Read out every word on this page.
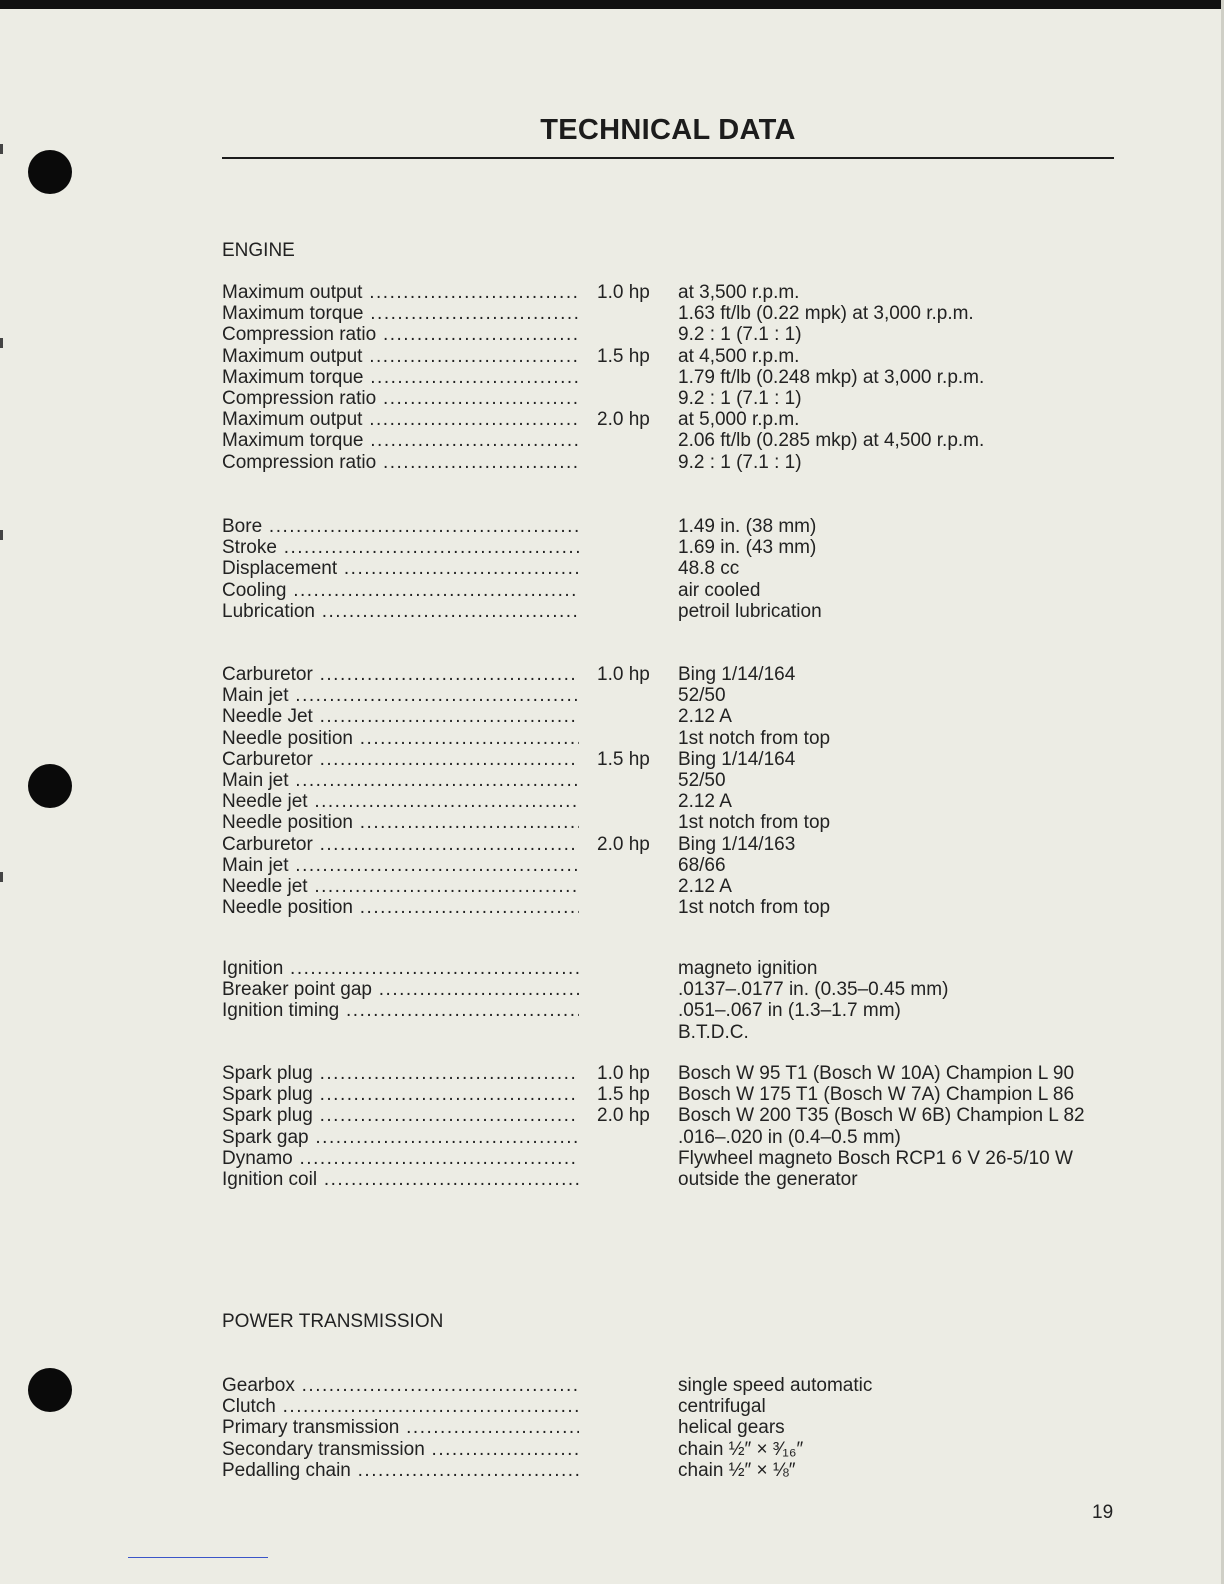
TECHNICAL DATA
ENGINE
Maximum output .....	1.0 hp at 3,500 r.p.m.
Maximum torque .....	1.63 ft/lb (0.22 mpk) at 3,000 r.p.m.
Compression ratio .....	9.2 : 1 (7.1 : 1)
Maximum output .....	1.5 hp at 4,500 r.p.m.
Maximum torque .....	1.79 ft/lb (0.248 mkp) at 3,000 r.p.m.
Compression ratio .....	9.2 : 1 (7.1 : 1)
Maximum output .....	2.0 hp at 5,000 r.p.m.
Maximum torque .....	2.06 ft/lb (0.285 mkp) at 4,500 r.p.m.
Compression ratio .....	9.2 : 1 (7.1 : 1)
Bore .....	1.49 in. (38 mm)
Stroke .....	1.69 in. (43 mm)
Displacement .....	48.8 cc
Cooling .....	air cooled
Lubrication .....	petroil lubrication
Carburetor .....	1.0 hp Bing 1/14/164
Main jet .....	52/50
Needle Jet .....	2.12 A
Needle position .....	1st notch from top
Carburetor .....	1.5 hp Bing 1/14/164
Main jet .....	52/50
Needle jet .....	2.12 A
Needle position .....	1st notch from top
Carburetor .....	2.0 hp Bing 1/14/163
Main jet .....	68/66
Needle jet .....	2.12 A
Needle position .....	1st notch from top
Ignition .....	magneto ignition
Breaker point gap .....	.0137–.0177 in. (0.35–0.45 mm)
Ignition timing .....	.051–.067 in (1.3–1.7 mm)
B.T.D.C.
Spark plug .....	1.0 hp Bosch W 95 T1 (Bosch W 10A) Champion L 90
Spark plug .....	1.5 hp Bosch W 175 T1 (Bosch W 7A) Champion L 86
Spark plug .....	2.0 hp Bosch W 200 T35 (Bosch W 6B) Champion L 82
Spark gap .....	.016–.020 in (0.4–0.5 mm)
Dynamo .....	Flywheel magneto Bosch RCP1 6 V 26-5/10 W
Ignition coil .....	outside the generator
POWER TRANSMISSION
Gearbox .....	single speed automatic
Clutch .....	centrifugal
Primary transmission .....	helical gears
Secondary transmission .....	chain ½″ × ³⁄₁₆″
Pedalling chain .....	chain ½″ × ⅛″
19
